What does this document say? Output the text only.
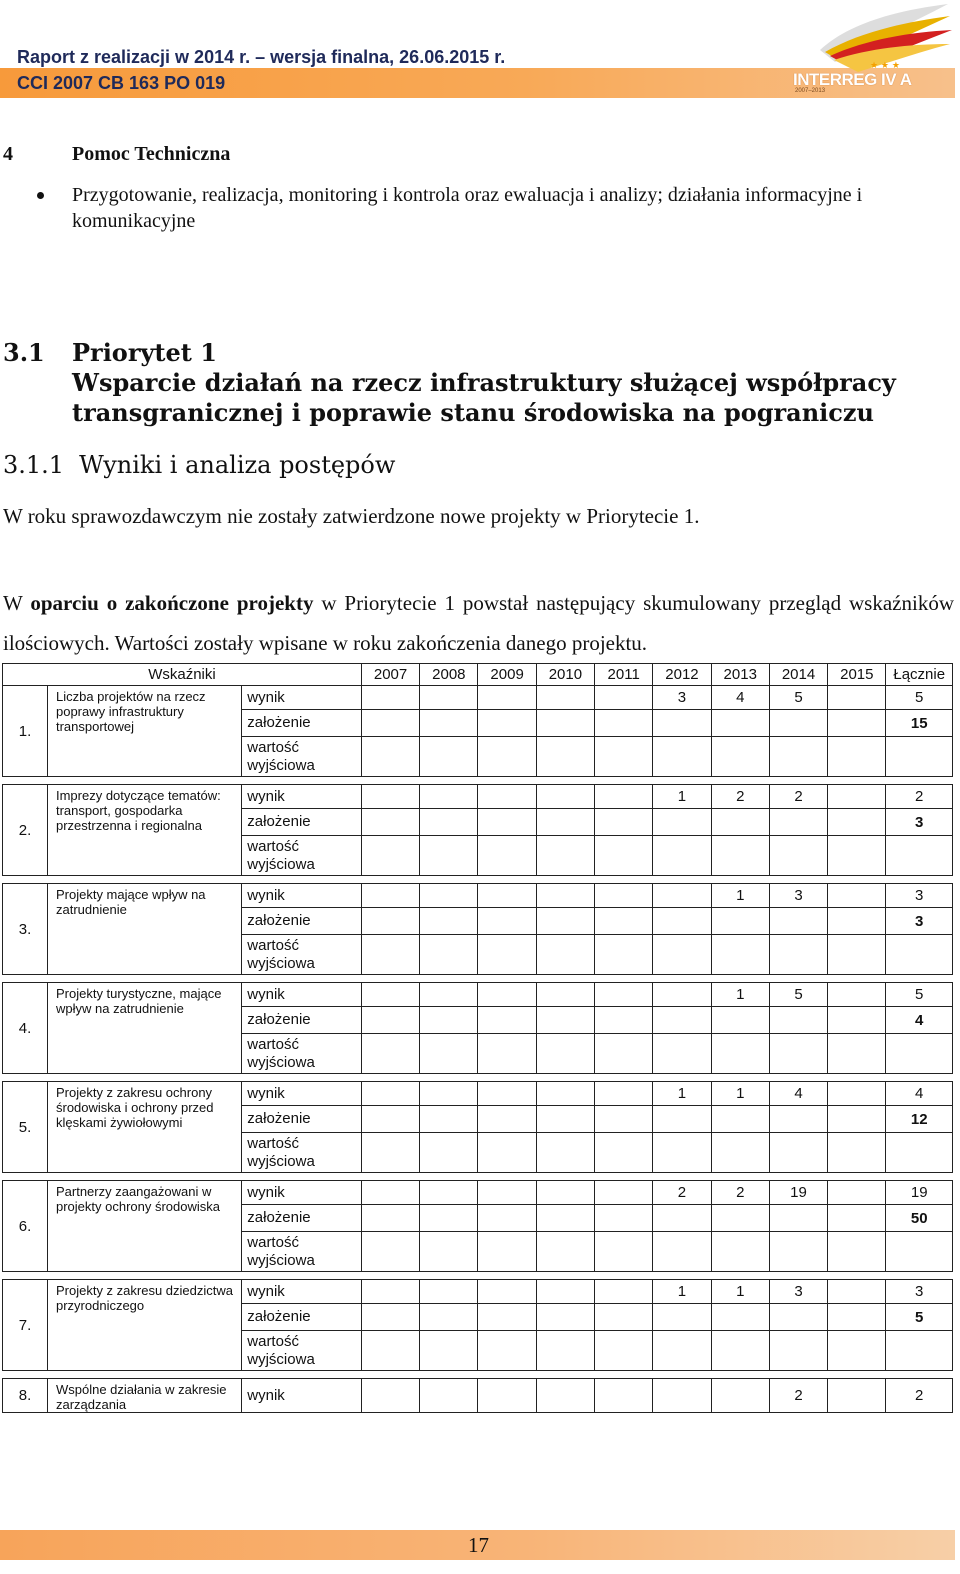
Raport z realizacji w 2014 r. – wersja finalna, 26.06.2015 r.
CCI 2007 CB 163 PO 019
★ ★ ★
INTERREG IV A
2007–2013
4	Pomoc Techniczna
Przygotowanie, realizacja, monitoring i kontrola oraz ewaluacja i analizy; działania informacyjne i komunikacyjne
3.1 Priorytet 1
Wsparcie działań na rzecz infrastruktury służącej współpracy
transgranicznej i poprawie stanu środowiska na pograniczu
3.1.1 Wyniki i analiza postępów
W roku sprawozdawczym nie zostały zatwierdzone nowe projekty w Priorytecie 1.
W oparciu o zakończone projekty w Priorytecie 1 powstał następujący skumulowany przegląd wskaźników ilościowych. Wartości zostały wpisane w roku zakończenia danego projektu.
Wskaźniki			2007	2008	2009	2010	2011	2012	2013	2014	2015	Łącznie
1.	Liczba projektów na rzecz poprawy infrastruktury transportowej	wynik						3	4	5		5
		założenie										15

		wartość
wyjściowa										

2.	Imprezy dotyczące tematów: transport, gospodarka przestrzenna i regionalna	wynik						1	2	2		2
		założenie										3

		wartość
wyjściowa										

3.	Projekty mające wpływ na zatrudnienie	wynik							1	3		3
		założenie										3

		wartość
wyjściowa										

4.	Projekty turystyczne, mające wpływ na zatrudnienie	wynik							1	5		5
		założenie										4

		wartość
wyjściowa										

5.	Projekty z zakresu ochrony środowiska i ochrony przed klęskami żywiołowymi	wynik						1	1	4		4
		założenie										12

		wartość
wyjściowa										

6.	Partnerzy zaangażowani w projekty ochrony środowiska	wynik						2	2	19		19
		założenie										50

		wartość
wyjściowa										

7.	Projekty z zakresu dziedzictwa przyrodniczego	wynik						1	1	3		3
		założenie										5

		wartość
wyjściowa										

8.	Wspólne działania w zakresie zarządzania	wynik								2		2
17
